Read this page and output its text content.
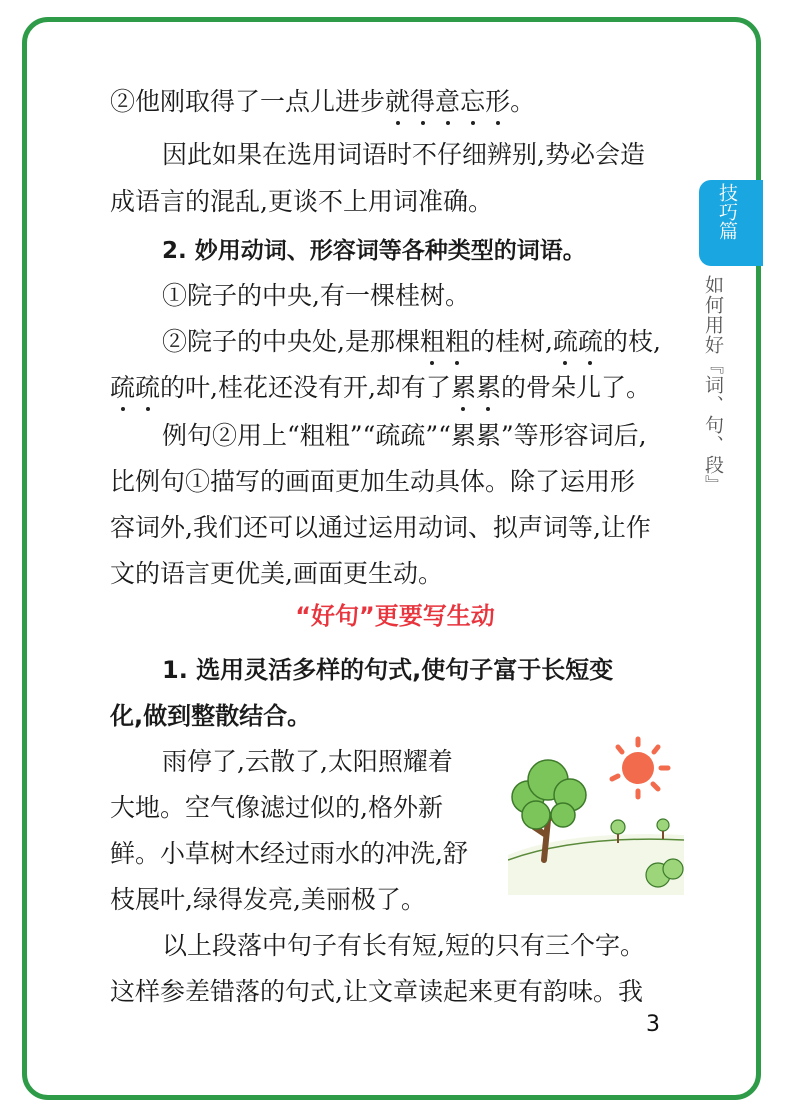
技巧篇
如何用好『词、句、段』
②他刚取得了一点儿进步就得意忘形。
因此如果在选用词语时不仔细辨别,势必会造
成语言的混乱,更谈不上用词准确。
2. 妙用动词、形容词等各种类型的词语。
①院子的中央,有一棵桂树。
②院子的中央处,是那棵粗粗的桂树,疏疏的枝,
疏疏的叶,桂花还没有开,却有了累累的骨朵儿了。
例句②用上“粗粗”“疏疏”“累累”等形容词后,
比例句①描写的画面更加生动具体。除了运用形
容词外,我们还可以通过运用动词、拟声词等,让作
文的语言更优美,画面更生动。
“好句”更要写生动
1. 选用灵活多样的句式,使句子富于长短变
化,做到整散结合。
雨停了,云散了,太阳照耀着
大地。空气像滤过似的,格外新
鲜。小草树木经过雨水的冲洗,舒
枝展叶,绿得发亮,美丽极了。
以上段落中句子有长有短,短的只有三个字。
这样参差错落的句式,让文章读起来更有韵味。我
3
